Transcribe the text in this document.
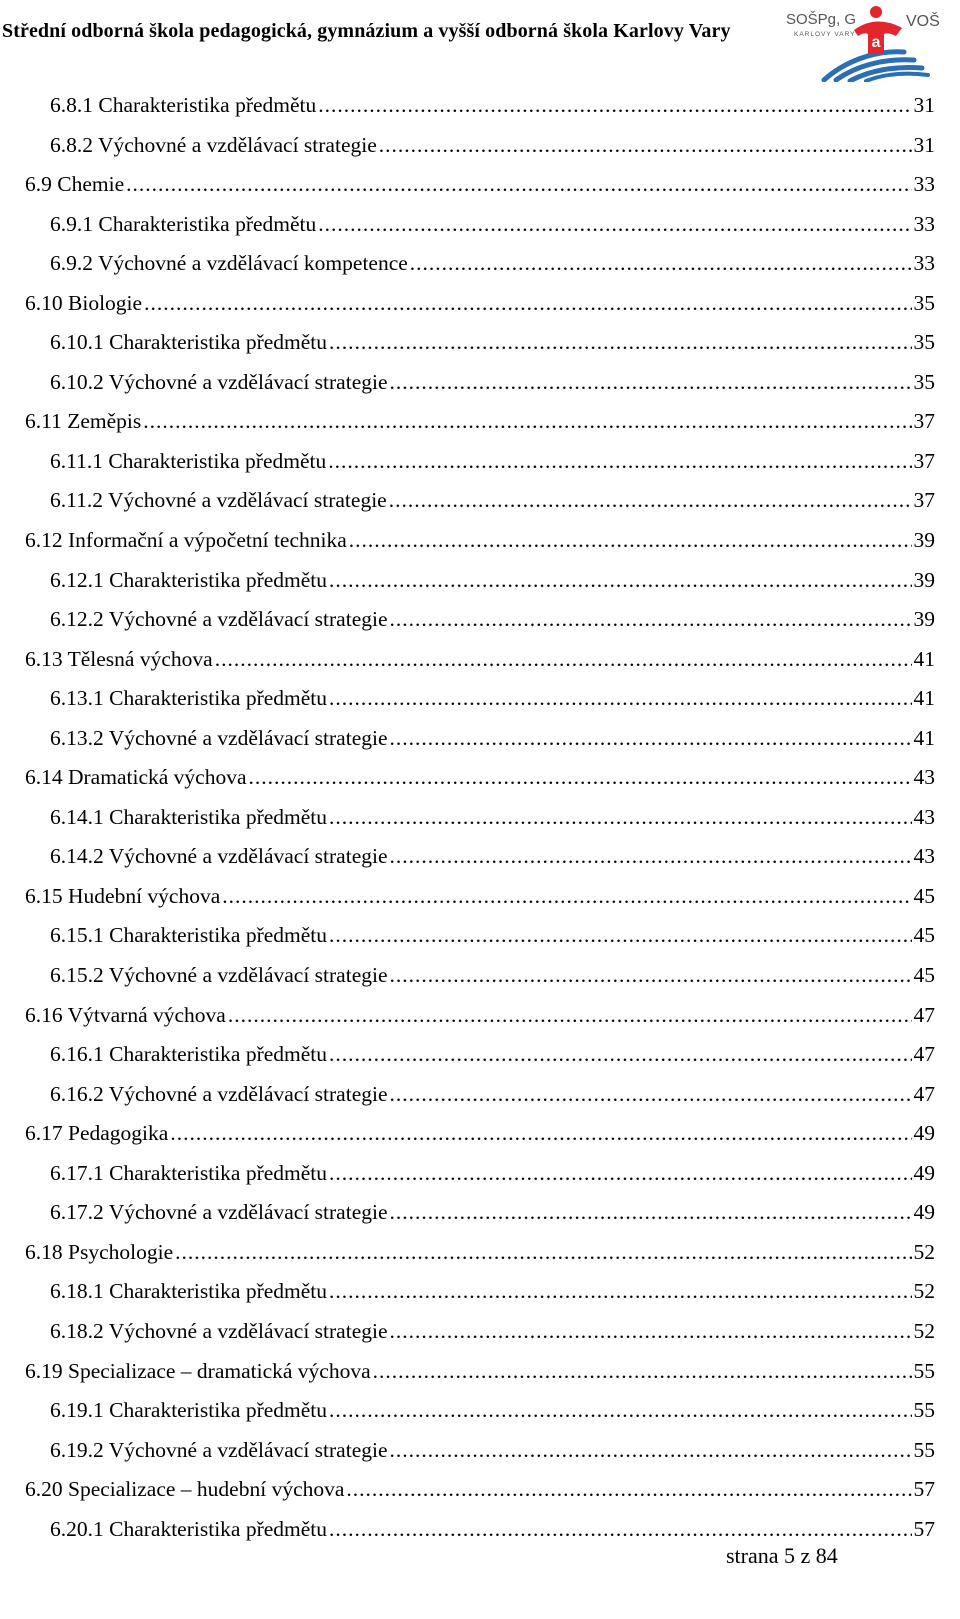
Střední odborná škola pedagogická, gymnázium a vyšší odborná škola Karlovy Vary
a
SOŠPg, G
KARLOVY VARY
VOŠ
6.8.1 Charakteristika předmětu .....	31
6.8.2 Výchovné a vzdělávací strategie .....	31
6.9 Chemie .....	33
6.9.1 Charakteristika předmětu .....	33
6.9.2 Výchovné a vzdělávací kompetence .....	33
6.10 Biologie .....	35
6.10.1 Charakteristika předmětu .....	35
6.10.2 Výchovné a vzdělávací strategie .....	35
6.11 Zeměpis .....	37
6.11.1 Charakteristika předmětu .....	37
6.11.2 Výchovné a vzdělávací strategie .....	37
6.12 Informační a výpočetní technika .....	39
6.12.1 Charakteristika předmětu .....	39
6.12.2 Výchovné a vzdělávací strategie .....	39
6.13 Tělesná výchova .....	41
6.13.1 Charakteristika předmětu .....	41
6.13.2 Výchovné a vzdělávací strategie .....	41
6.14 Dramatická výchova .....	43
6.14.1 Charakteristika předmětu .....	43
6.14.2 Výchovné a vzdělávací strategie .....	43
6.15 Hudební výchova .....	45
6.15.1 Charakteristika předmětu .....	45
6.15.2 Výchovné a vzdělávací strategie .....	45
6.16 Výtvarná výchova .....	47
6.16.1 Charakteristika předmětu .....	47
6.16.2 Výchovné a vzdělávací strategie .....	47
6.17 Pedagogika .....	49
6.17.1 Charakteristika předmětu .....	49
6.17.2 Výchovné a vzdělávací strategie .....	49
6.18 Psychologie .....	52
6.18.1 Charakteristika předmětu .....	52
6.18.2 Výchovné a vzdělávací strategie .....	52
6.19 Specializace – dramatická výchova .....	55
6.19.1 Charakteristika předmětu .....	55
6.19.2 Výchovné a vzdělávací strategie .....	55
6.20 Specializace – hudební výchova .....	57
6.20.1 Charakteristika předmětu .....	57
strana 5 z 84
